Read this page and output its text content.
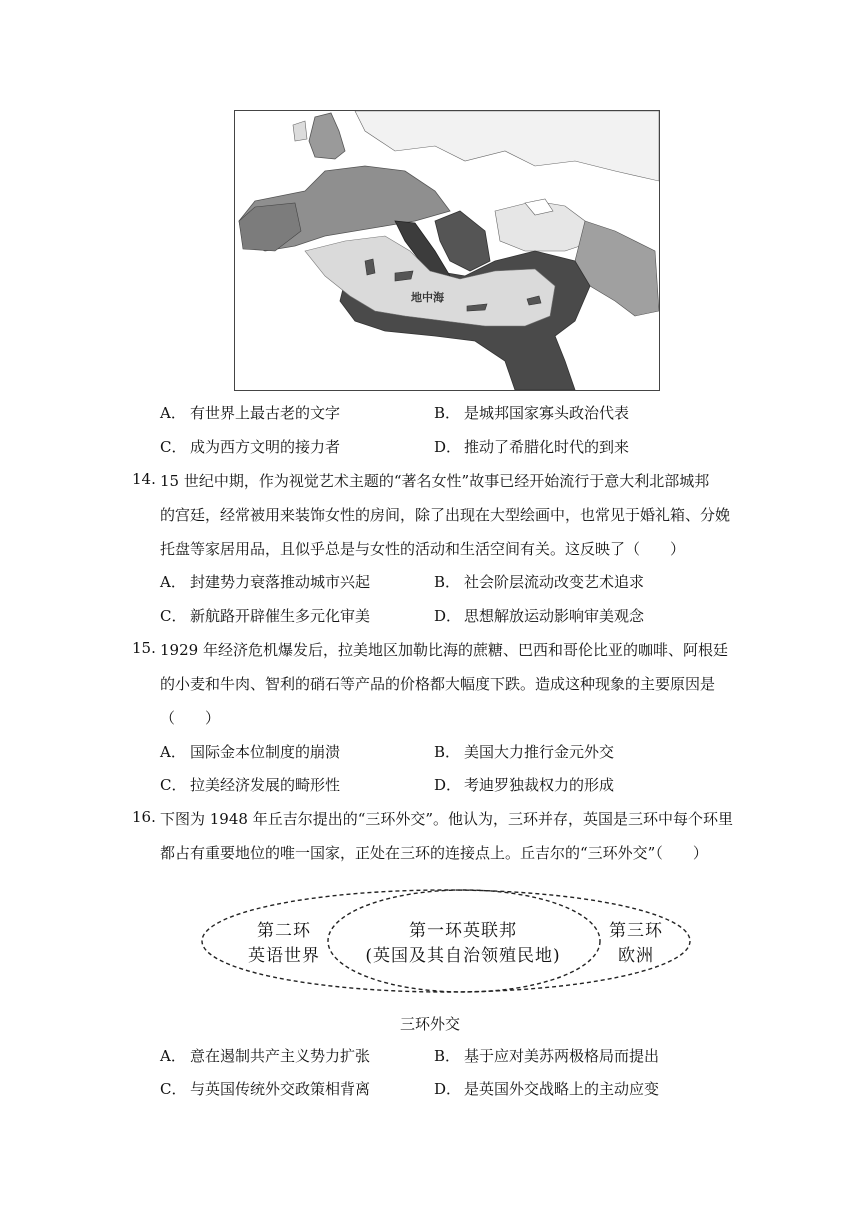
地中海
A． 有世界上最古老的文字	B． 是城邦国家寡头政治代表
C． 成为西方文明的接力者	D． 推动了希腊化时代的到来
14. 15 世纪中期，作为视觉艺术主题的“著名女性”故事已经开始流行于意大利北部城邦
的宫廷，经常被用来装饰女性的房间，除了出现在大型绘画中，也常见于婚礼箱、分娩
托盘等家居用品，且似乎总是与女性的活动和生活空间有关。这反映了（　　）
A． 封建势力衰落推动城市兴起	B． 社会阶层流动改变艺术追求
C． 新航路开辟催生多元化审美	D． 思想解放运动影响审美观念
15. 1929 年经济危机爆发后，拉美地区加勒比海的蔗糖、巴西和哥伦比亚的咖啡、阿根廷
的小麦和牛肉、智利的硝石等产品的价格都大幅度下跌。造成这种现象的主要原因是
（　　）
A． 国际金本位制度的崩溃	B． 美国大力推行金元外交
C． 拉美经济发展的畸形性	D． 考迪罗独裁权力的形成
16. 下图为 1948 年丘吉尔提出的“三环外交”。他认为，三环并存，英国是三环中每个环里
都占有重要地位的唯一国家，正处在三环的连接点上。丘吉尔的“三环外交”（　　）
第二环
英语世界
第一环英联邦
(英国及其自治领殖民地)
第三环
欧洲
三环外交
A． 意在遏制共产主义势力扩张	B． 基于应对美苏两极格局而提出
C． 与英国传统外交政策相背离	D． 是英国外交战略上的主动应变
